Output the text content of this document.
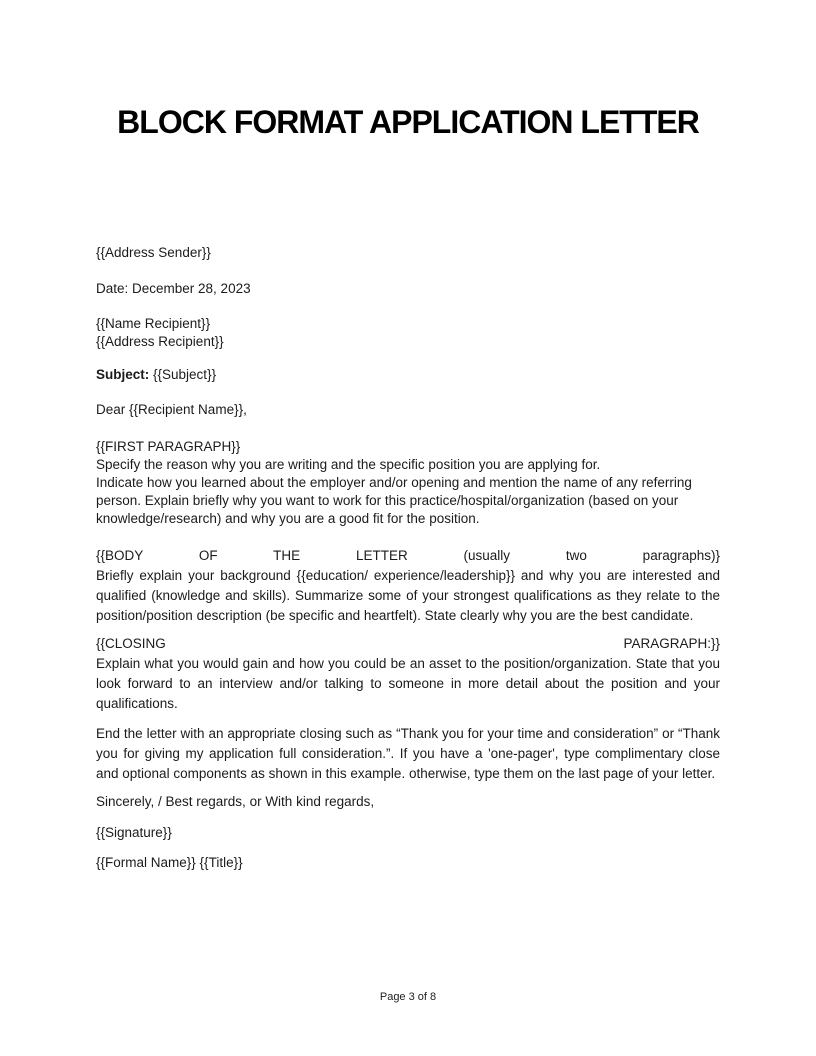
BLOCK FORMAT APPLICATION LETTER

{{Address Sender}}

Date: December 28, 2023

{{Name Recipient}}
{{Address Recipient}}

Subject: {{Subject}}

Dear {{Recipient Name}},

{{FIRST PARAGRAPH}}
Specify the reason why you are writing and the specific position you are applying for.
Indicate how you learned about the employer and/or opening and mention the name of any referring person. Explain briefly why you want to work for this practice/hospital/organization (based on your knowledge/research) and why you are a good fit for the position.
{{BODY OF THE LETTER (usually two paragraphs)}
Briefly explain your background {{education/ experience/leadership}} and why you are interested and qualified (knowledge and skills). Summarize some of your strongest qualifications as they relate to the position/position description (be specific and heartfelt). State clearly why you are the best candidate.
{{CLOSING PARAGRAPH:}}
Explain what you would gain and how you could be an asset to the position/organization. State that you look forward to an interview and/or talking to someone in more detail about the position and your qualifications.

End the letter with an appropriate closing such as “Thank you for your time and consideration” or “Thank you for giving my application full consideration.”. If you have a 'one-pager', type complimentary close and optional components as shown in this example. otherwise, type them on the last page of your letter.

Sincerely, / Best regards, or With kind regards,

{{Signature}}

{{Formal Name}} {{Title}}

Page 3 of 8
